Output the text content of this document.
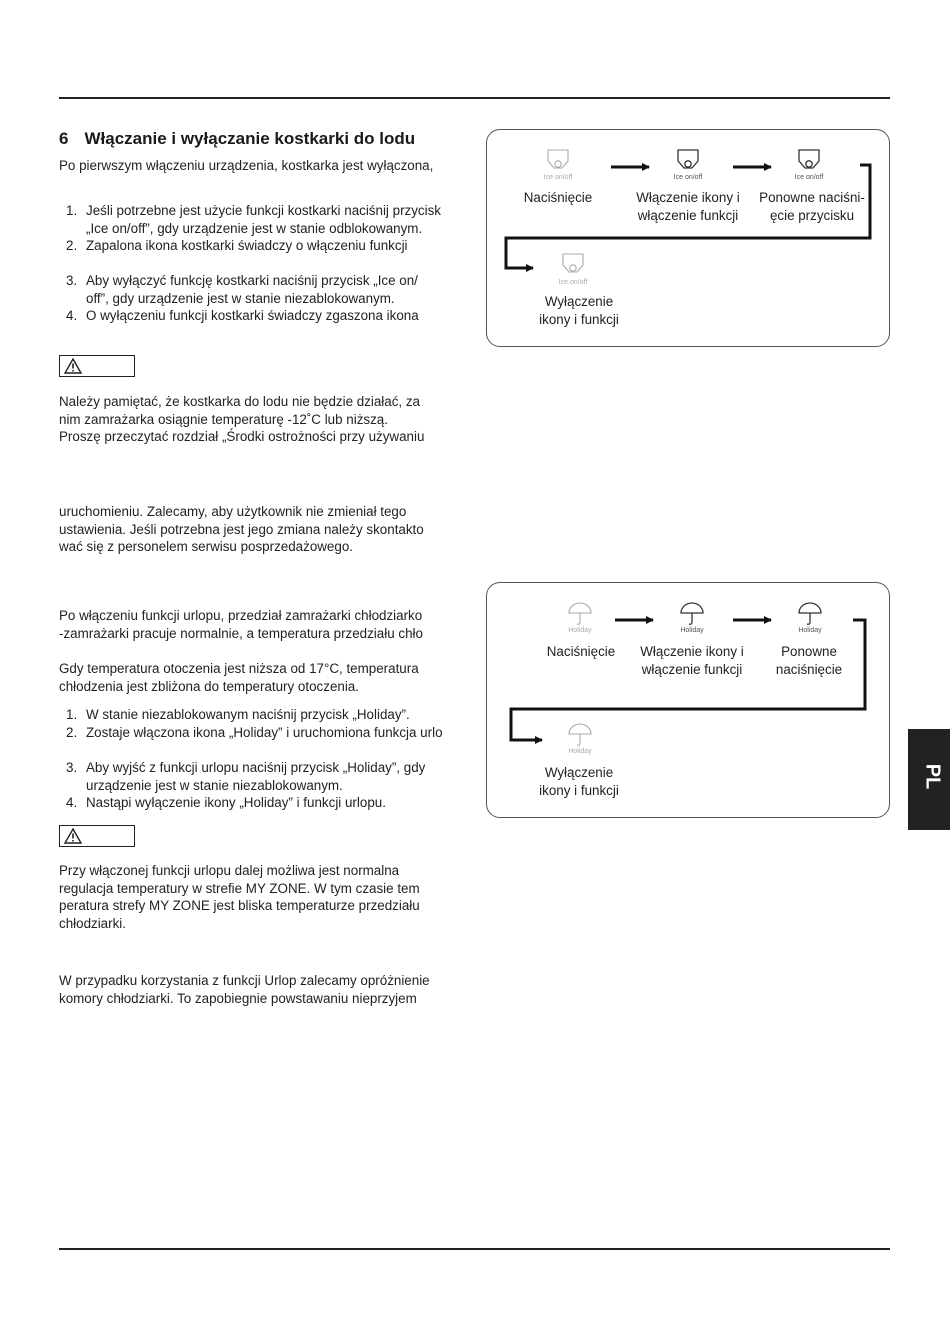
6 Włączanie i wyłączanie kostkarki do lodu
Po pierwszym włączeniu urządzenia, kostkarka jest wyłączona,
1. Jeśli potrzebne jest użycie funkcji kostkarki naciśnij przycisk
„Ice on/off”, gdy urządzenie jest w stanie odblokowanym.
2. Zapalona ikona kostkarki świadczy o włączeniu funkcji
3. Aby wyłączyć funkcję kostkarki naciśnij przycisk „Ice on/
off”, gdy urządzenie jest w stanie niezablokowanym.
4. O wyłączeniu funkcji kostkarki świadczy zgaszona ikona
Należy pamiętać, że kostkarka do lodu nie będzie działać, za
nim zamrażarka osiągnie temperaturę -12˚C lub niższą.
Proszę przeczytać rozdział „Środki ostrożności przy używaniu
uruchomieniu. Zalecamy, aby użytkownik nie zmieniał tego
ustawienia. Jeśli potrzebna jest jego zmiana należy skontakto
wać się z personelem serwisu posprzedażowego.
Po włączeniu funkcji urlopu, przedział zamrażarki chłodziarko
-zamrażarki pracuje normalnie, a temperatura przedziału chło
Gdy temperatura otoczenia jest niższa od 17°C, temperatura
chłodzenia jest zbliżona do temperatury otoczenia.
1. W stanie niezablokowanym naciśnij przycisk „Holiday”.
2. Zostaje włączona ikona „Holiday” i uruchomiona funkcja urlo
3. Aby wyjść z funkcji urlopu naciśnij przycisk „Holiday”, gdy
urządzenie jest w stanie niezablokowanym.
4. Nastąpi wyłączenie ikony „Holiday” i funkcji urlopu.
Przy włączonej funkcji urlopu dalej możliwa jest normalna
regulacja temperatury w strefie MY ZONE. W tym czasie tem
peratura strefy MY ZONE jest bliska temperaturze przedziału
chłodziarki.
W przypadku korzystania z funkcji Urlop zalecamy opróżnienie
komory chłodziarki. To zapobiegnie powstawaniu nieprzyjem
Ice on/off	Ice on/off	Ice on/off
Ice on/off
Naciśnięcie	Włączenie ikony i
włączenie funkcji
Ponowne naciśni-
ęcie przycisku
Wyłączenie
ikony i funkcji
Holiday	Holiday	Holiday
Holiday
Naciśnięcie	Włączenie ikony i
włączenie funkcji
Ponowne
naciśnięcie
Wyłączenie
ikony i funkcji
PL
